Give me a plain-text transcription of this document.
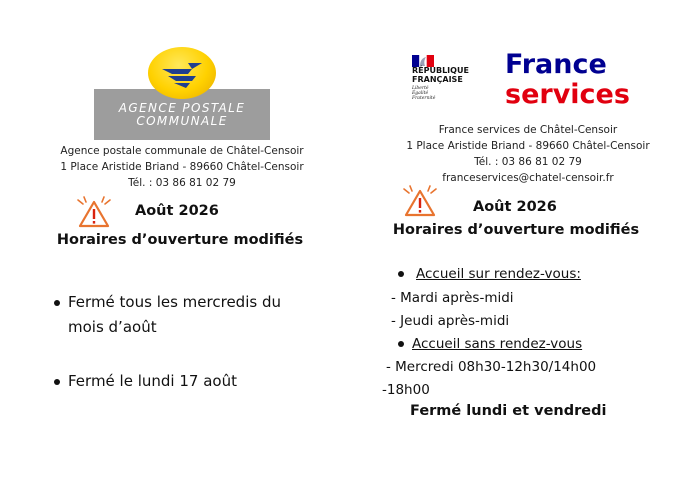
AGENCE POSTALE
COMMUNALE
Agence postale communale de Châtel-Censoir
1 Place Aristide Briand - 89660 Châtel-Censoir
Tél. : 03 86 81 02 79
Août 2026
Horaires d’ouverture modifiés
Fermé tous les mercredis du
mois d’août
Fermé le lundi 17 août
RÉPUBLIQUE
FRANÇAISE
Liberté
Égalité
Fraternité
France
services
France services de Châtel-Censoir
1 Place Aristide Briand - 89660 Châtel-Censoir
Tél. : 03 86 81 02 79
franceservices@chatel-censoir.fr
Août 2026
Horaires d’ouverture modifiés
Accueil sur rendez-vous:
- Mardi après-midi
- Jeudi après-midi
Accueil sans rendez-vous
- Mercredi 08h30-12h30/14h00
-18h00
Fermé lundi et vendredi
